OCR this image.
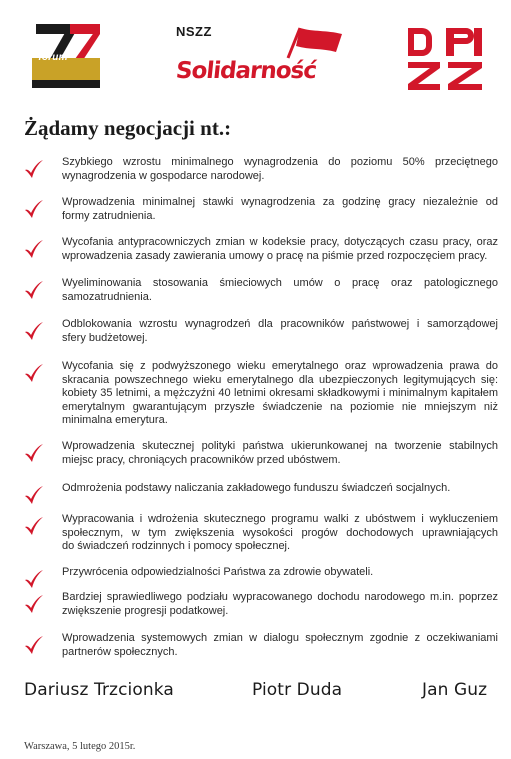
forum
NSZZ
Solidarność
Żądamy negocjacji nt.:
Szybkiego wzrostu minimalnego wynagrodzenia do poziomu 50% przeciętnego
wynagrodzenia w gospodarce narodowej.
Wprowadzenia minimalnej stawki wynagrodzenia za godzinę gracy niezależnie od
formy zatrudnienia.
Wycofania antypracowniczych zmian w kodeksie pracy, dotyczących czasu pracy, oraz
wprowadzenia zasady zawierania umowy o pracę na piśmie przed rozpoczęciem pracy.
Wyeliminowania stosowania śmieciowych umów o pracę oraz patologicznego
samozatrudnienia.
Odblokowania wzrostu wynagrodzeń dla pracowników państwowej i samorządowej
sfery budżetowej.
Wycofania się z podwyższonego wieku emerytalnego oraz wprowadzenia prawa do
skracania powszechnego wieku emerytalnego dla ubezpieczonych legitymujących się:
kobiety 35 letnimi, a mężczyźni 40 letnimi okresami składkowymi i minimalnym kapitałem
emerytalnym gwarantującym przyszłe świadczenie na poziomie nie mniejszym niż
minimalna emerytura.
Wprowadzenia skutecznej polityki państwa ukierunkowanej na tworzenie stabilnych
miejsc pracy, chroniących pracowników przed ubóstwem.
Odmrożenia podstawy naliczania zakładowego funduszu świadczeń socjalnych.
Wypracowania i wdrożenia skutecznego programu walki z ubóstwem i wykluczeniem
społecznym, w tym zwiększenia wysokości progów dochodowych uprawniających
do świadczeń rodzinnych i pomocy społecznej.
Przywrócenia odpowiedzialności Państwa za zdrowie obywateli.
Bardziej sprawiedliwego podziału wypracowanego dochodu narodowego m.in. poprzez
zwiększenie progresji podatkowej.
Wprowadzenia systemowych zmian w dialogu społecznym zgodnie z oczekiwaniami
partnerów społecznych.
Dariusz Trzcionka	Piotr Duda	Jan Guz
Warszawa, 5 lutego 2015r.
